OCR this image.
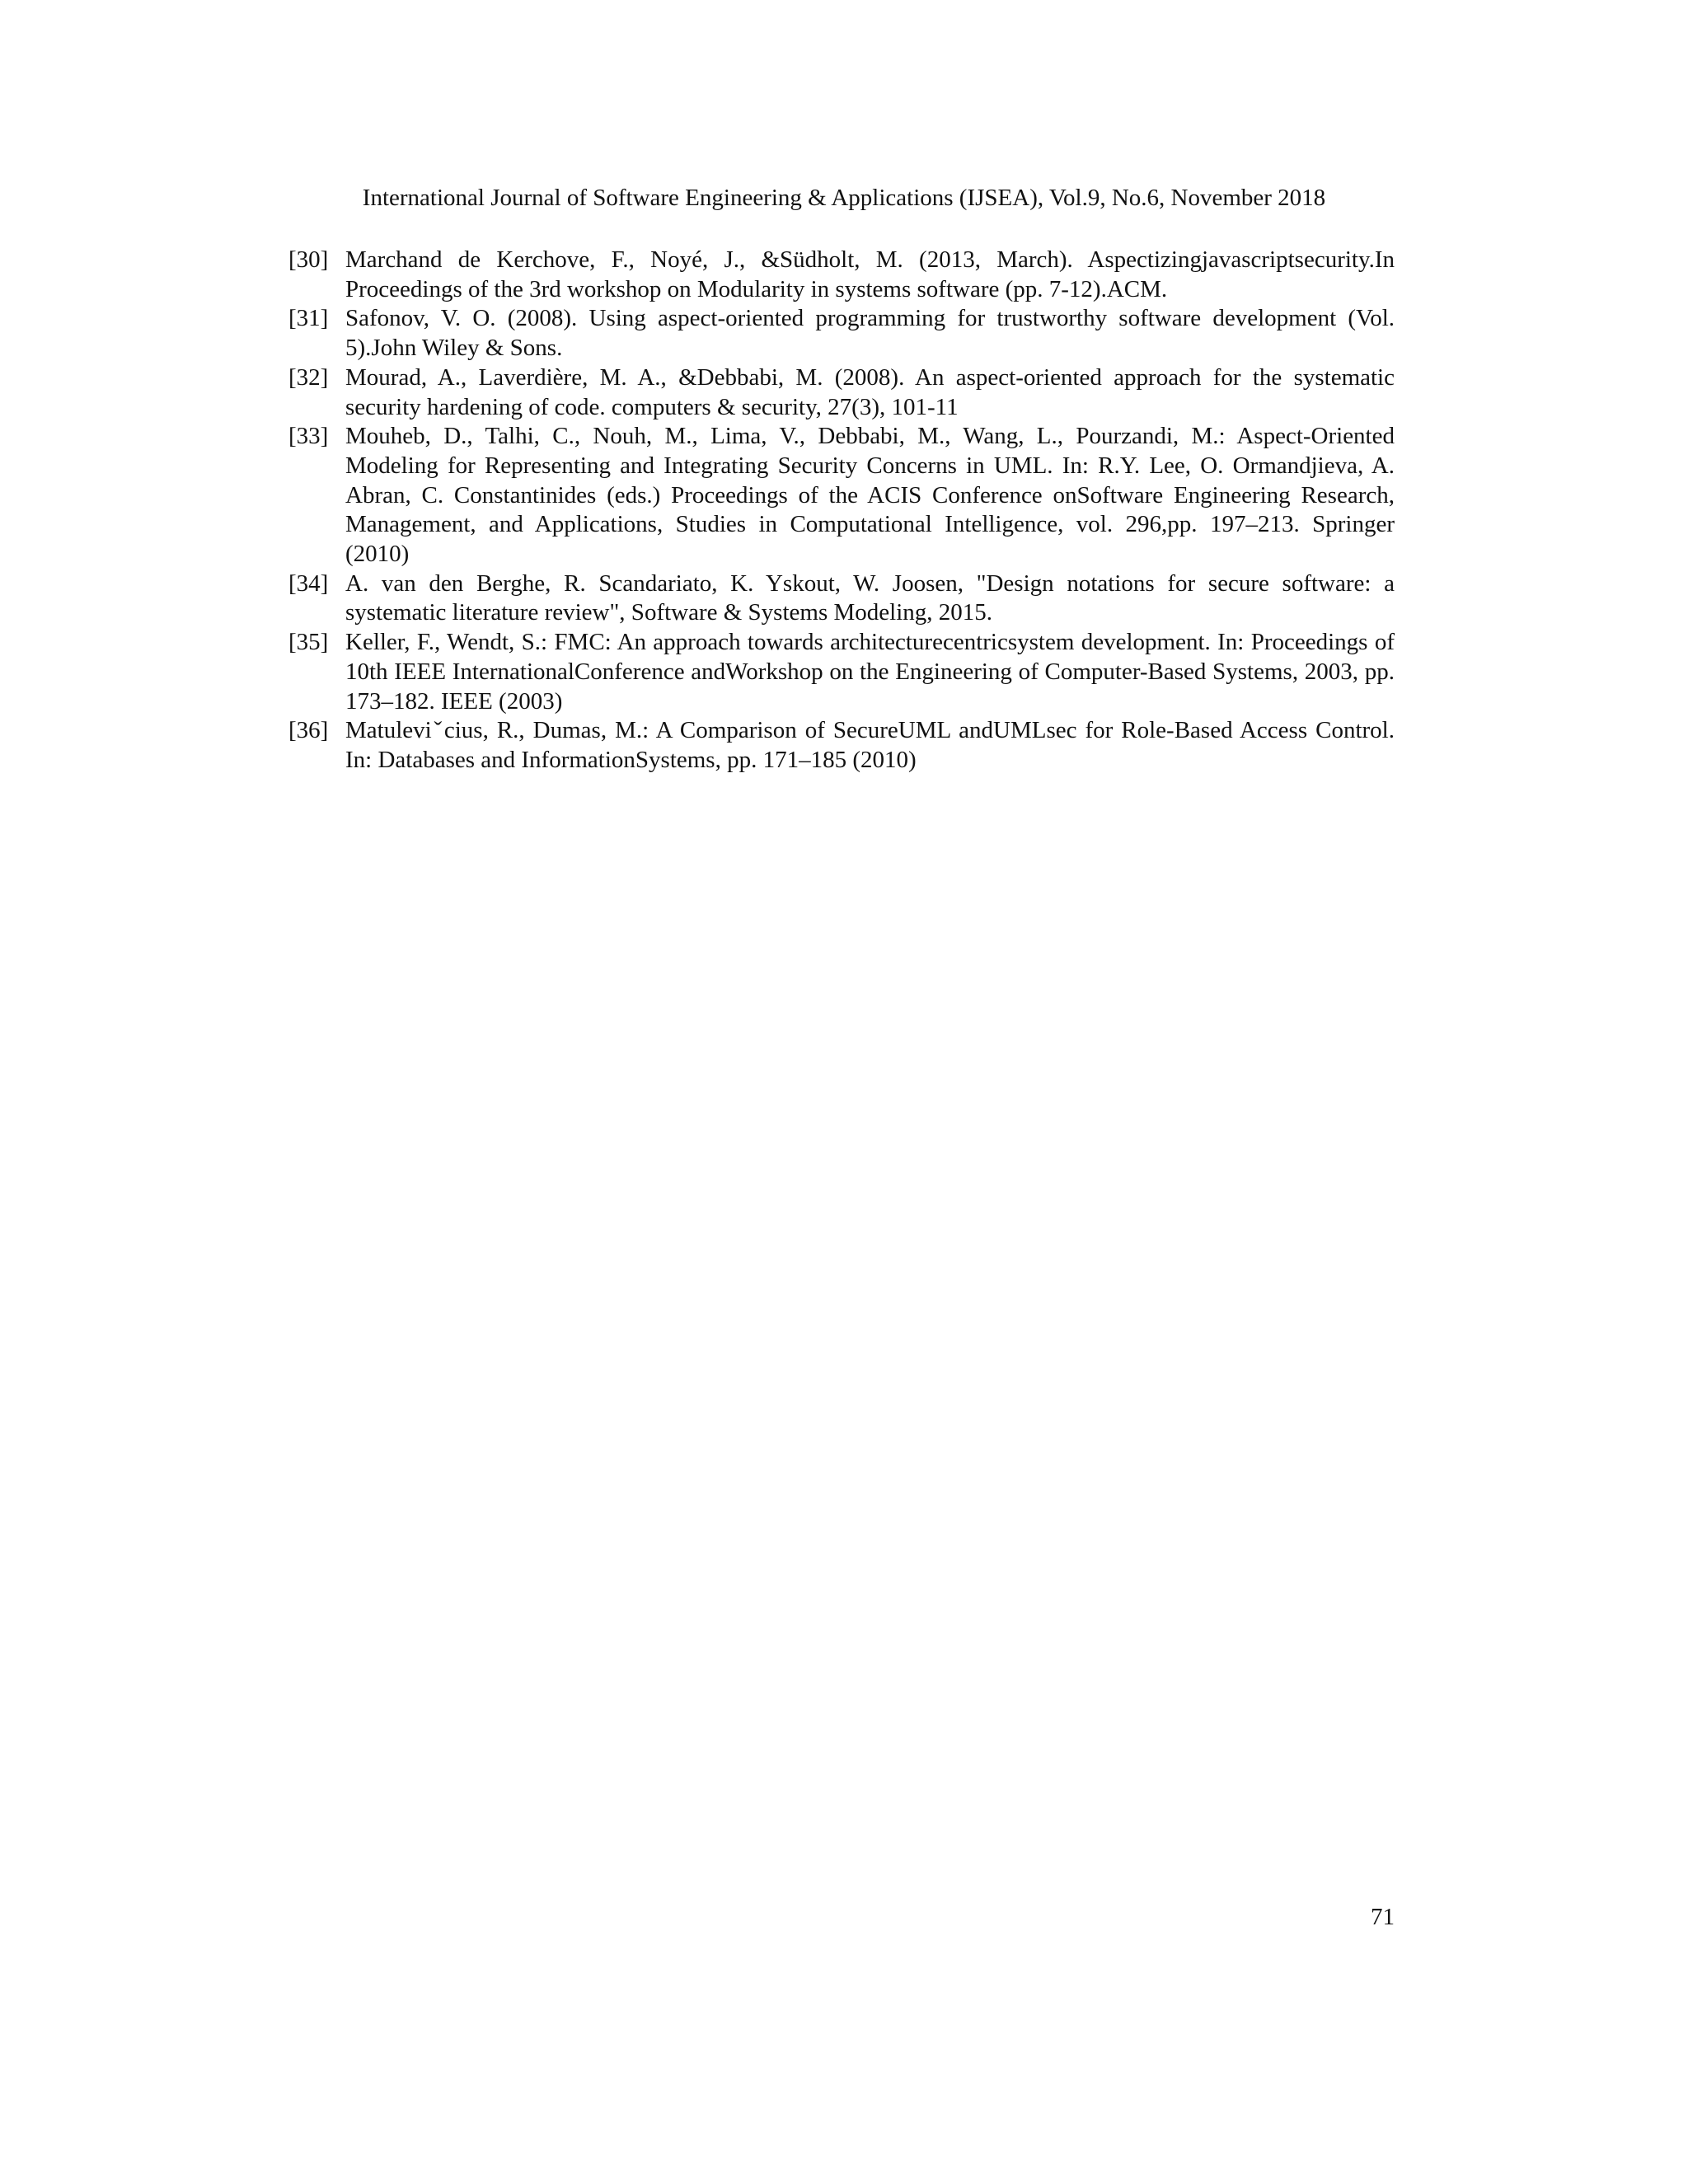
International Journal of Software Engineering & Applications (IJSEA), Vol.9, No.6, November 2018
[30] Marchand de Kerchove, F., Noyé, J., &Südholt, M. (2013, March). Aspectizingjavascriptsecurity.In Proceedings of the 3rd workshop on Modularity in systems software (pp. 7-12).ACM.
[31] Safonov, V. O. (2008). Using aspect-oriented programming for trustworthy software development (Vol. 5).John Wiley & Sons.
[32] Mourad, A., Laverdière, M. A., &Debbabi, M. (2008). An aspect-oriented approach for the systematic security hardening of code. computers & security, 27(3), 101-11
[33] Mouheb, D., Talhi, C., Nouh, M., Lima, V., Debbabi, M., Wang, L., Pourzandi, M.: Aspect-Oriented Modeling for Representing and Integrating Security Concerns in UML. In: R.Y. Lee, O. Ormandjieva, A. Abran, C. Constantinides (eds.) Proceedings of the ACIS Conference onSoftware Engineering Research, Management, and Applications, Studies in Computational Intelligence, vol. 296,pp. 197–213. Springer (2010)
[34] A. van den Berghe, R. Scandariato, K. Yskout, W. Joosen, "Design notations for secure software: a systematic literature review", Software & Systems Modeling, 2015.
[35] Keller, F., Wendt, S.: FMC: An approach towards architecturecentricsystem development. In: Proceedings of 10th IEEE InternationalConference andWorkshop on the Engineering of Computer-Based Systems, 2003, pp. 173–182. IEEE (2003)
[36] Matuleviˇcius, R., Dumas, M.: A Comparison of SecureUML andUMLsec for Role-Based Access Control. In: Databases and InformationSystems, pp. 171–185 (2010)
71
